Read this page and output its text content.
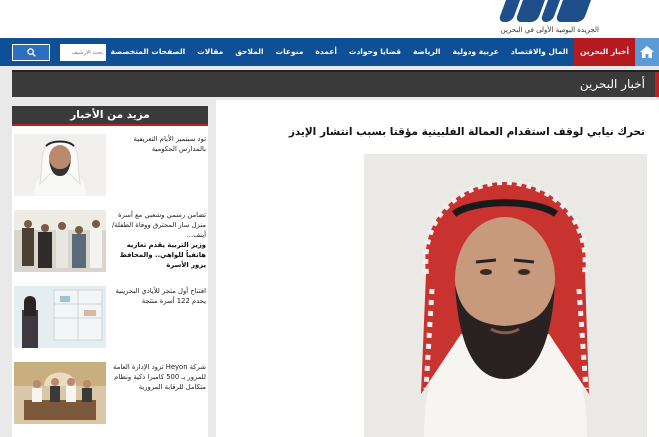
الجريدة اليومية الأولى في البحرين
أخبار البحرين
المال والاقتصاد
عربية ودولية
الرياضة
قضايا وحوادث
أعمدة
منوعات
الملاحق
مقالات
الصفحات المتخصصة
بحث الأرشيف
أخبار البحرين
تحرك نيابي لوقف استقدام العمالة الفلبينية مؤقتا بسبب انتشار الإيدز
مزيد من الأخبار
تود سبتمبر الأيام التعريفية بالمدارس الحكومية
تضامن رسمي وشعبي مع أسرة منزل سار المحترق ووفاة الطفلة/ أينف...
وزير التربية يقدم تعازيه هاتفياً للواهي.. والمحافظ يزور الأسرة
افتتاح أول متجر للأيادي البحرينية يخدم 122 أسرة منتجة
شركة Heyon تزود الإدارة العامة للمرور بـ 500 كاميرا ذكية ونظام متكامل للرقابة المرورية
